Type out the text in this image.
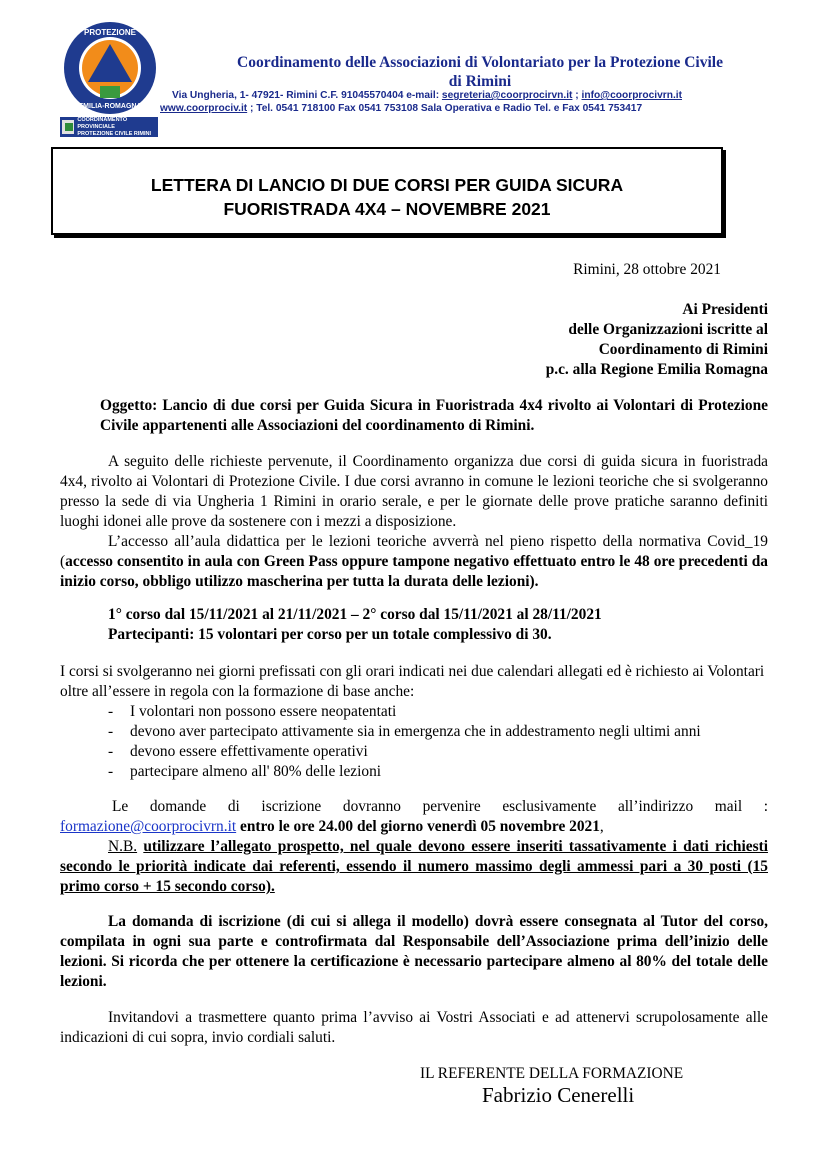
PROTEZIONE
EMILIA-ROMAGNA
COORDINAMENTO PROVINCIALE
PROTEZIONE CIVILE RIMINI
Coordinamento delle Associazioni di Volontariato per la Protezione Civile
di Rimini
Via Ungheria, 1- 47921- Rimini C.F. 91045570404 e-mail: segreteria@coorprocirvn.it ; info@coorprocivrn.it
www.coorprociv.it ; Tel. 0541 718100 Fax 0541 753108 Sala Operativa e Radio Tel. e Fax 0541 753417
LETTERA DI LANCIO DI DUE CORSI PER GUIDA SICURA
FUORISTRADA 4X4 – NOVEMBRE 2021
Rimini, 28 ottobre 2021
Ai Presidenti
delle Organizzazioni iscritte al
Coordinamento di Rimini
p.c. alla Regione Emilia Romagna
Oggetto: Lancio di due corsi per Guida Sicura in Fuoristrada 4x4 rivolto ai Volontari di Protezione Civile appartenenti alle Associazioni del coordinamento di Rimini.
A seguito delle richieste pervenute, il Coordinamento organizza due corsi di guida sicura in fuoristrada 4x4, rivolto ai Volontari di Protezione Civile. I due corsi avranno in comune le lezioni teoriche che si svolgeranno presso la sede di via Ungheria 1 Rimini in orario serale, e per le giornate delle prove pratiche saranno definiti luoghi idonei alle prove da sostenere con i mezzi a disposizione.
L’accesso all’aula didattica per le lezioni teoriche avverrà nel pieno rispetto della normativa Covid_19 (accesso consentito in aula con Green Pass oppure tampone negativo effettuato entro le 48 ore precedenti da inizio corso, obbligo utilizzo mascherina per tutta la durata delle lezioni).
1° corso dal 15/11/2021 al 21/11/2021 – 2° corso dal 15/11/2021 al 28/11/2021
Partecipanti: 15 volontari per corso per un totale complessivo di 30.
I corsi si svolgeranno nei giorni prefissati con gli orari indicati nei due calendari allegati ed è richiesto ai Volontari oltre all’essere in regola con la formazione di base anche:
- I volontari non possono essere neopatentati
- devono aver partecipato attivamente sia in emergenza che in addestramento negli ultimi anni
- devono essere effettivamente operativi
- partecipare almeno all' 80% delle lezioni
Le domande di iscrizione dovranno pervenire esclusivamente all’indirizzo mail :
formazione@coorprocivrn.it entro le ore 24.00 del giorno venerdì 05 novembre 2021,
N.B. utilizzare l’allegato prospetto, nel quale devono essere inseriti tassativamente i dati richiesti secondo le priorità indicate dai referenti, essendo il numero massimo degli ammessi pari a 30 posti (15 primo corso + 15 secondo corso).
La domanda di iscrizione (di cui si allega il modello) dovrà essere consegnata al Tutor del corso, compilata in ogni sua parte e controfirmata dal Responsabile dell’Associazione prima dell’inizio delle lezioni. Si ricorda che per ottenere la certificazione è necessario partecipare almeno al 80% del totale delle lezioni.
Invitandovi a trasmettere quanto prima l’avviso ai Vostri Associati e ad attenervi scrupolosamente alle indicazioni di cui sopra, invio cordiali saluti.
IL REFERENTE DELLA FORMAZIONE
Fabrizio Cenerelli
